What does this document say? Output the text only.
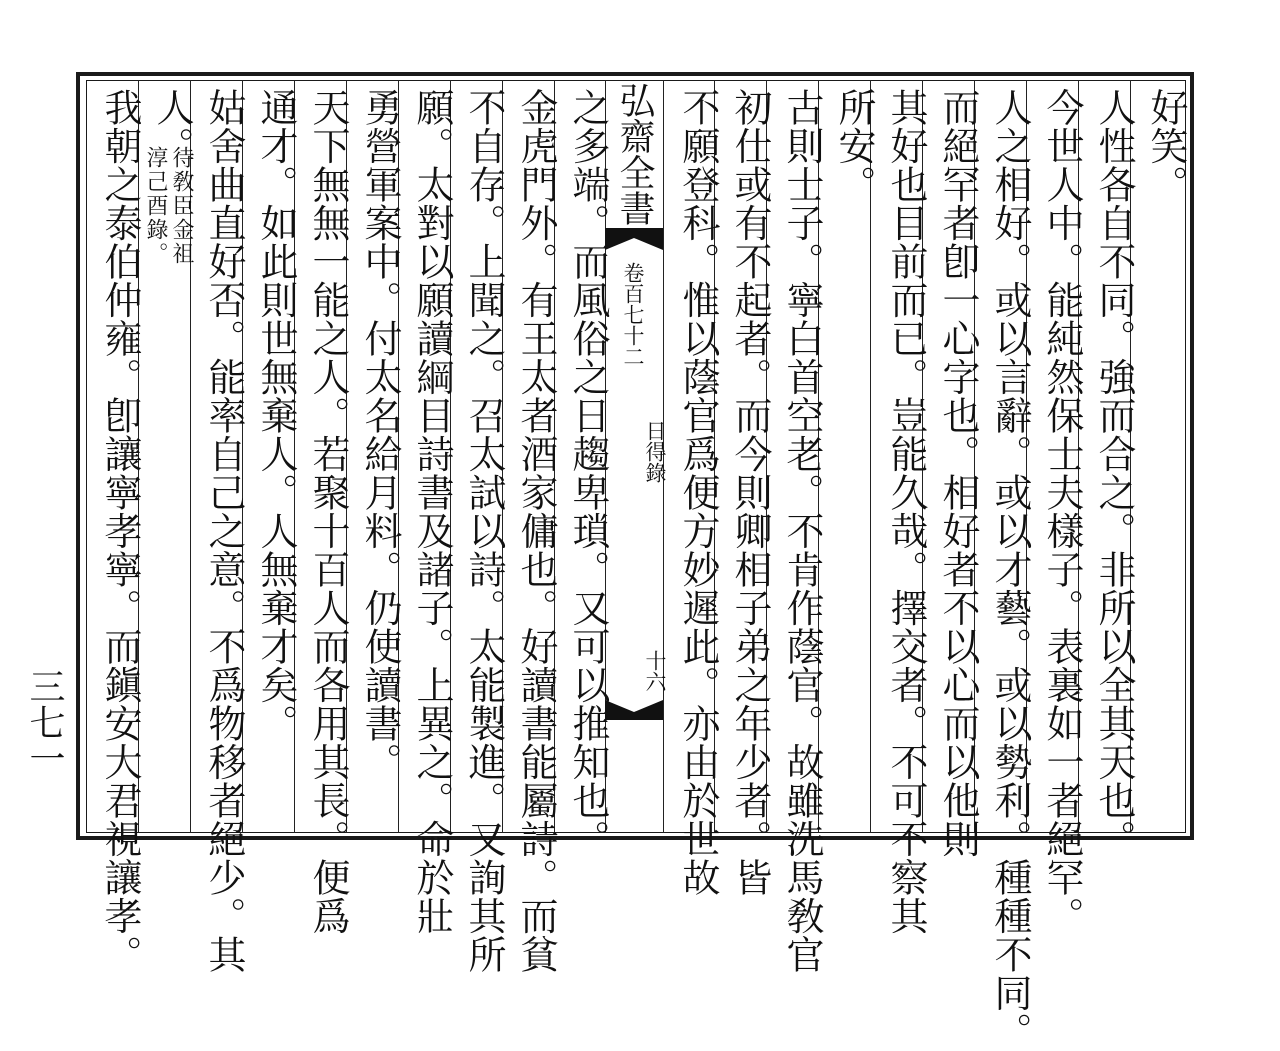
好笑。
人性各自不同。強而合之。非所以全其天也。
今世人中。能純然保士夫樣子。表裏如一者絕罕。
人之相好。或以言辭。或以才藝。或以勢利。種種不同。
而絕罕者卽一心字也。相好者不以心而以他則
其好也目前而已。豈能久哉。擇交者。不可不察其
所安。
古則士子。寧白首空老。不肯作蔭官。故雖洗馬敎官
初仕或有不起者。而今則卿相子弟之年少者。皆
不願登科。惟以蔭官爲便方妙遲此。亦由於世故
弘齋全書
卷百七十二
日得錄
十六
之多端。而風俗之日趨卑瑣。又可以推知也。
金虎門外。有王太者酒家傭也。好讀書能屬詩。而貧
不自存。上聞之。召太試以詩。太能製進。又詢其所
願。太對以願讀綱目詩書及諸子。上異之。命於壯
勇營軍案中。付太名給月料。仍使讀書。
天下無無一能之人。若聚十百人而各用其長。便爲
通才。如此則世無棄人。人無棄才矣。
姑舍曲直好否。能率自己之意。不爲物移者絕少。其
人。
我朝之泰伯仲雍。卽讓寧孝寧。而鎭安大君視讓孝。 待敎臣金祖
淳己酉錄。
三七一
